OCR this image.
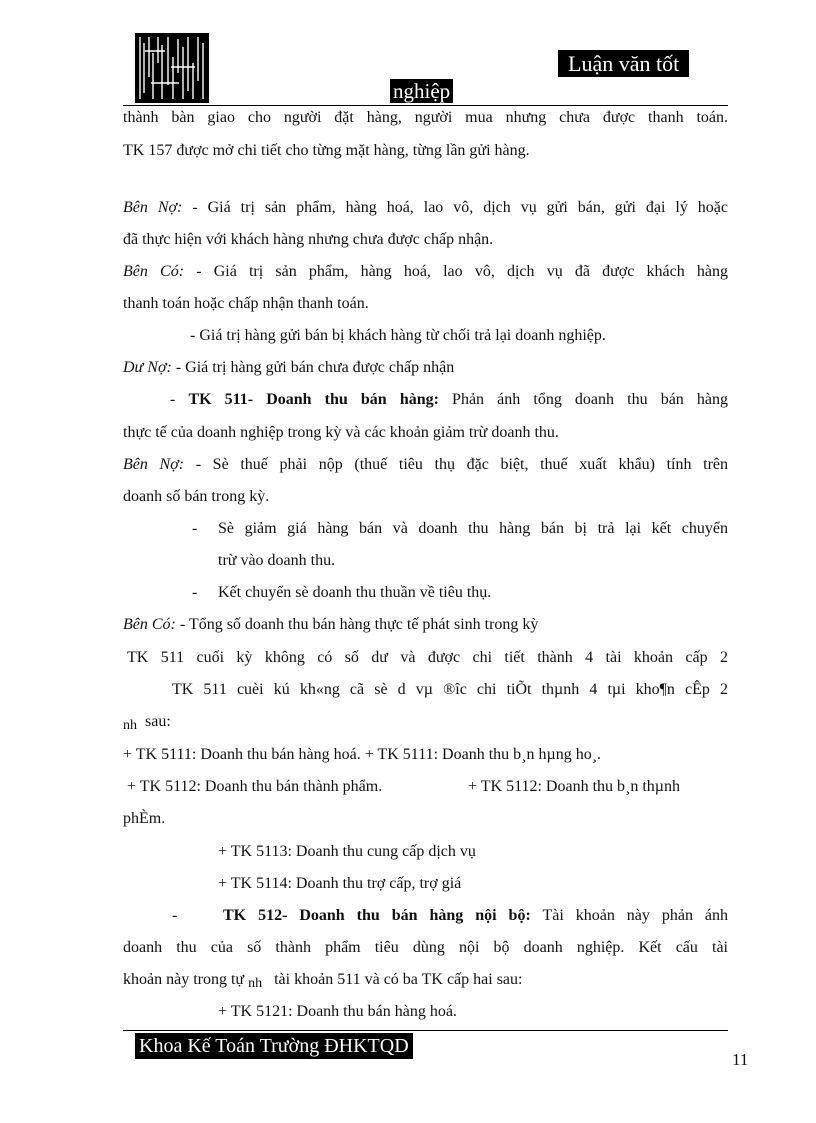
Luận văn tốt
nghiệp
thành bàn giao cho người đặt hàng, người mua nhưng chưa được thanh toán.
TK 157 được mở chi tiết cho từng mặt hàng, từng lần gửi hàng.
Bên Nợ: - Giá trị sản phẩm, hàng hoá, lao vô, dịch vụ gửi bán, gửi đại lý hoặc
đã thực hiện với khách hàng nhưng chưa được chấp nhận.
Bên Có: - Giá trị sản phẩm, hàng hoá, lao vô, dịch vụ đã được khách hàng
thanh toán hoặc chấp nhận thanh toán.
- Giá trị hàng gửi bán bị khách hàng từ chối trả lại doanh nghiệp.
Dư Nợ: - Giá trị hàng gửi bán chưa được chấp nhận
- TK 511- Doanh thu bán hàng: Phản ánh tổng doanh thu bán hàng
thực tế của doanh nghiệp trong kỳ và các khoản giảm trừ doanh thu.
Bên Nợ: - Sè thuế phải nộp (thuế tiêu thụ đặc biệt, thuế xuất khẩu) tính trên
doanh số bán trong kỳ.
- Sè giảm giá hàng bán và doanh thu hàng bán bị trả lại kết chuyển
trừ vào doanh thu.
- Kết chuyển sè doanh thu thuần về tiêu thụ.
Bên Có: - Tổng số doanh thu bán hàng thực tế phát sinh trong kỳ
TK 511 cuối kỳ không có số dư và được chi tiết thành 4 tài khoản cấp 2
TK 511 cuèi kú kh«ng cã sè d vµ ®îc chi tiÕt thµnh 4 tµi kho¶n cÊp 2
nh sau:
+ TK 5111: Doanh thu bán hàng hoá. + TK 5111: Doanh thu b¸n hµng ho¸.
+ TK 5112: Doanh thu bán thành phẩm.	+ TK 5112: Doanh thu b¸n thµnh
phÈm.
+ TK 5113: Doanh thu cung cấp dịch vụ
+ TK 5114: Doanh thu trợ cấp, trợ giá
-	TK 512- Doanh thu bán hàng nội bộ: Tài khoản này phản ánh
doanh thu của số thành phẩm tiêu dùng nội bộ doanh nghiệp. Kết cấu tài
khoản này trong tự nh tài khoản 511 và có ba TK cấp hai sau:
+ TK 5121: Doanh thu bán hàng hoá.
Khoa Kế Toán Trường ĐHKTQD
11
